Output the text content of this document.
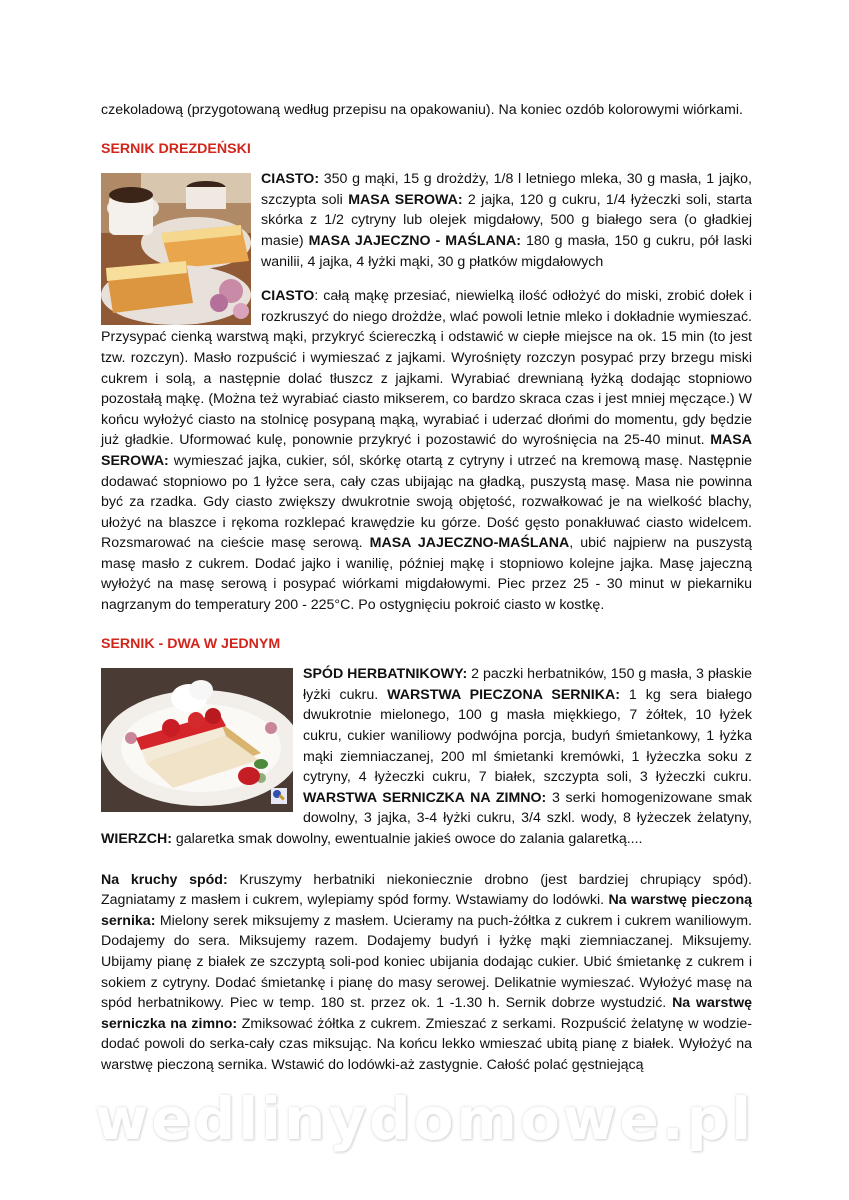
czekoladową (przygotowaną według przepisu na opakowaniu). Na koniec ozdób kolorowymi wiórkami.

SERNIK DREZDEŃSKI

CIASTO: 350 g mąki, 15 g drożdży, 1/8 l letniego mleka, 30 g masła, 1 jajko, szczypta soli MASA SEROWA: 2 jajka, 120 g cukru, 1/4 łyżeczki soli, starta skórka z 1/2 cytryny lub olejek migdałowy, 500 g białego sera (o gładkiej masie) MASA JAJECZNO - MAŚLANA: 180 g masła, 150 g cukru, pół laski wanilii, 4 jajka, 4 łyżki mąki, 30 g płatków migdałowych

CIASTO: całą mąkę przesiać, niewielką ilość odłożyć do miski, zrobić dołek i rozkruszyć do niego drożdże, wlać powoli letnie mleko i dokładnie wymieszać. Przysypać cienką warstwą mąki, przykryć ściereczką i odstawić w ciepłe miejsce na ok. 15 min (to jest tzw. rozczyn). Masło rozpuścić i wymieszać z jajkami. Wyrośnięty rozczyn posypać przy brzegu miski cukrem i solą, a następnie dolać tłuszcz z jajkami. Wyrabiać drewnianą łyżką dodając stopniowo pozostałą mąkę. (Można też wyrabiać ciasto mikserem, co bardzo skraca czas i jest mniej męczące.) W końcu wyłożyć ciasto na stolnicę posypaną mąką, wyrabiać i uderzać dłońmi do momentu, gdy będzie już gładkie. Uformować kulę, ponownie przykryć i pozostawić do wyrośnięcia na 25-40 minut. MASA SEROWA: wymieszać jajka, cukier, sól, skórkę otartą z cytryny i utrzeć na kremową masę. Następnie dodawać stopniowo po 1 łyżce sera, cały czas ubijając na gładką, puszystą masę. Masa nie powinna być za rzadka. Gdy ciasto zwiększy dwukrotnie swoją objętość, rozwałkować je na wielkość blachy, ułożyć na blaszce i rękoma rozklepać krawędzie ku górze. Dość gęsto ponakłuwać ciasto widelcem. Rozsmarować na cieście masę serową. MASA JAJECZNO-MAŚLANA, ubić najpierw na puszystą masę masło z cukrem. Dodać jajko i wanilię, później mąkę i stopniowo kolejne jajka. Masę jajeczną wyłożyć na masę serową i posypać wiórkami migdałowymi. Piec przez 25 - 30 minut w piekarniku nagrzanym do temperatury 200 - 225°C. Po ostygnięciu pokroić ciasto w kostkę.

SERNIK - DWA W JEDNYM

SPÓD HERBATNIKOWY: 2 paczki herbatników, 150 g masła, 3 płaskie łyżki cukru. WARSTWA PIECZONA SERNIKA: 1 kg sera białego dwukrotnie mielonego, 100 g masła miękkiego, 7 żółtek, 10 łyżek cukru, cukier waniliowy podwójna porcja, budyń śmietankowy, 1 łyżka mąki ziemniaczanej, 200 ml śmietanki kremówki, 1 łyżeczka soku z cytryny, 4 łyżeczki cukru, 7 białek, szczypta soli, 3 łyżeczki cukru. WARSTWA SERNICZKA NA ZIMNO: 3 serki homogenizowane smak dowolny, 3 jajka, 3-4 łyżki cukru, 3/4 szkl. wody, 8 łyżeczek żelatyny, WIERZCH: galaretka smak dowolny, ewentualnie jakieś owoce do zalania galaretką....

Na kruchy spód: Kruszymy herbatniki niekoniecznie drobno (jest bardziej chrupiący spód). Zagniatamy z masłem i cukrem, wylepiamy spód formy. Wstawiamy do lodówki. Na warstwę pieczoną sernika: Mielony serek miksujemy z masłem. Ucieramy na puch-żółtka z cukrem i cukrem waniliowym. Dodajemy do sera. Miksujemy razem. Dodajemy budyń i łyżkę mąki ziemniaczanej. Miksujemy. Ubijamy pianę z białek ze szczyptą soli-pod koniec ubijania dodając cukier. Ubić śmietankę z cukrem i sokiem z cytryny. Dodać śmietankę i pianę do masy serowej. Delikatnie wymieszać. Wyłożyć masę na spód herbatnikowy. Piec w temp. 180 st. przez ok. 1 -1.30 h. Sernik dobrze wystudzić. Na warstwę serniczka na zimno: Zmiksować żółtka z cukrem. Zmieszać z serkami. Rozpuścić żelatynę w wodzie-dodać powoli do serka-cały czas miksując. Na końcu lekko wmieszać ubitą pianę z białek. Wyłożyć na warstwę pieczoną sernika. Wstawić do lodówki-aż zastygnie. Całość polać gęstniejącą

wedlinydomowe.pl
